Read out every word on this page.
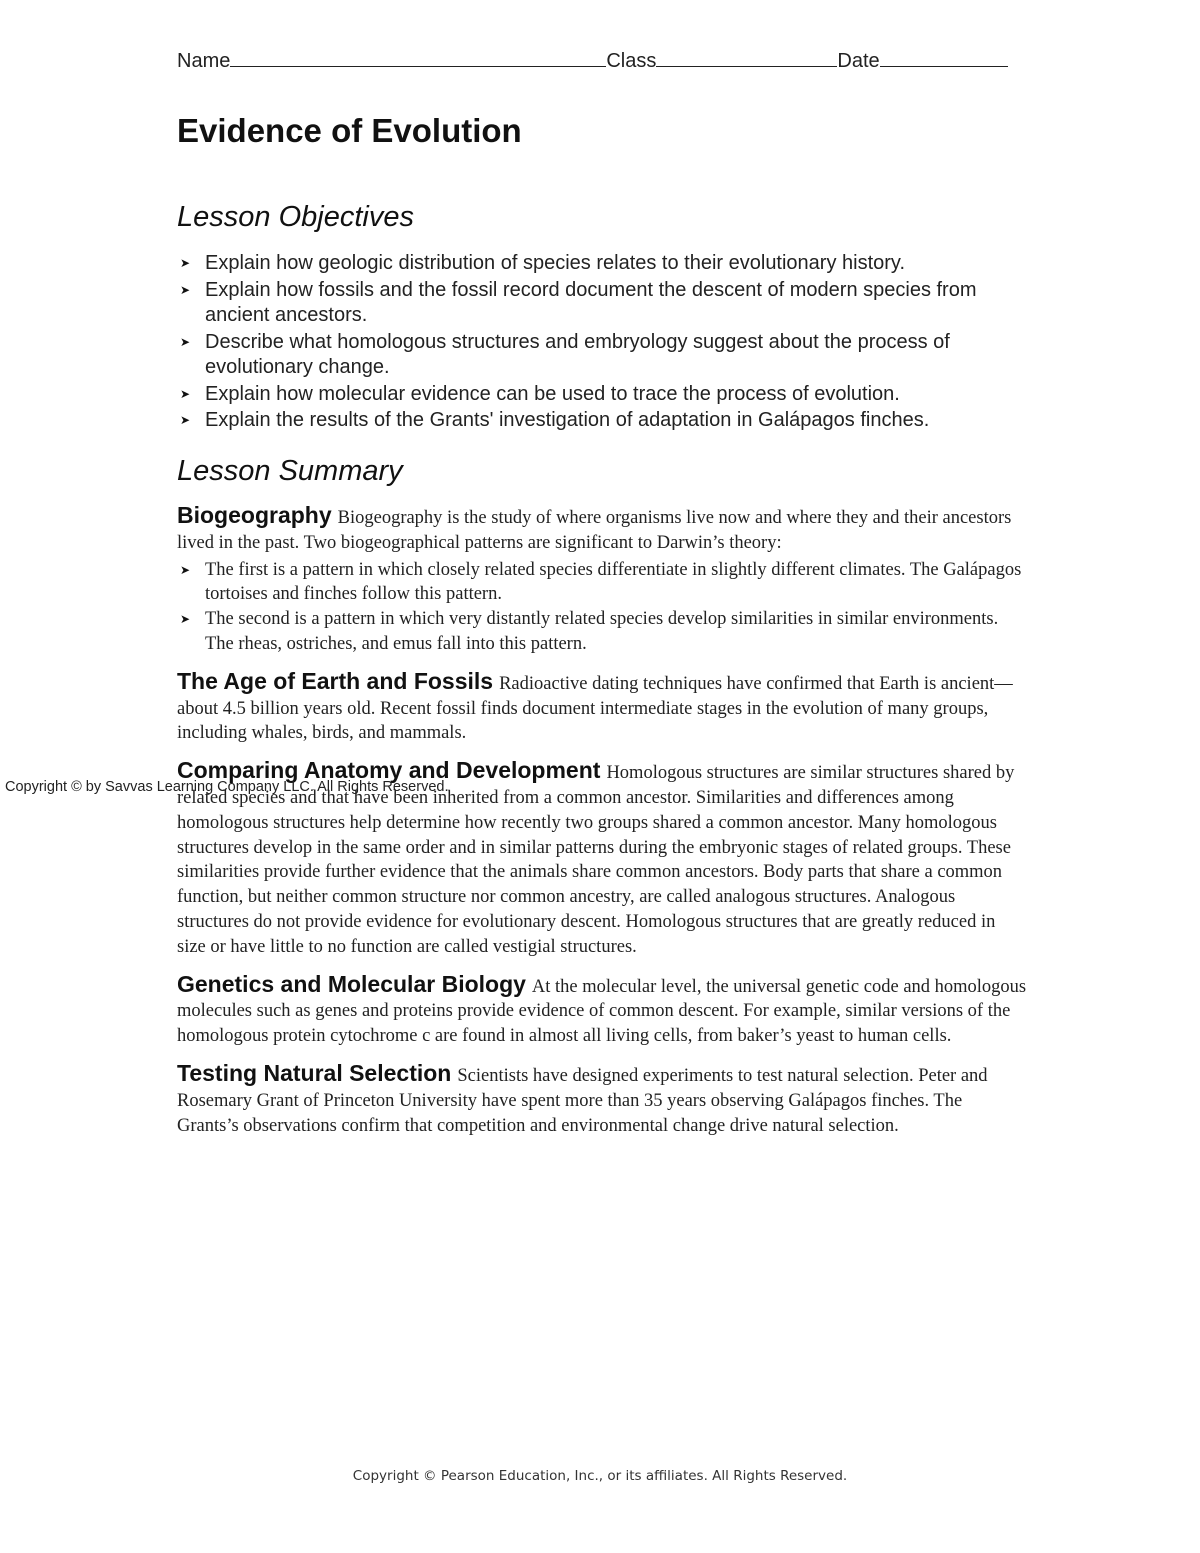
Name	Class	Date
Evidence of Evolution
Lesson Objectives
➤ Explain how geologic distribution of species relates to their evolutionary history.
➤ Explain how fossils and the fossil record document the descent of modern species from ancient ancestors.
➤ Describe what homologous structures and embryology suggest about the process of evolutionary change.
➤ Explain how molecular evidence can be used to trace the process of evolution.
➤ Explain the results of the Grants' investigation of adaptation in Galápagos finches.
Lesson Summary

Biogeography Biogeography is the study of where organisms live now and where they and their ancestors lived in the past. Two biogeographical patterns are significant to Darwin’s theory:

➤ The first is a pattern in which closely related species differentiate in slightly different climates. The Galápagos tortoises and finches follow this pattern.
➤ The second is a pattern in which very distantly related species develop similarities in similar environments. The rheas, ostriches, and emus fall into this pattern.

The Age of Earth and Fossils Radioactive dating techniques have confirmed that Earth is ancient—about 4.5 billion years old. Recent fossil finds document intermediate stages in the evolution of many groups, including whales, birds, and mammals.

Comparing Anatomy and Development Homologous structures are similar structures shared by related species and that have been inherited from a common ancestor. Similarities and differences among homologous structures help determine how recently two groups shared a common ancestor. Many homologous structures develop in the same order and in similar patterns during the embryonic stages of related groups. These similarities provide further evidence that the animals share common ancestors. Body parts that share a common function, but neither common structure nor common ancestry, are called analogous structures. Analogous structures do not provide evidence for evolutionary descent. Homologous structures that are greatly reduced in size or have little to no function are called vestigial structures.

Genetics and Molecular Biology At the molecular level, the universal genetic code and homologous molecules such as genes and proteins provide evidence of common descent. For example, similar versions of the homologous protein cytochrome c are found in almost all living cells, from baker’s yeast to human cells.

Testing Natural Selection Scientists have designed experiments to test natural selection. Peter and Rosemary Grant of Princeton University have spent more than 35 years observing Galápagos finches. The Grants’s observations confirm that competition and environmental change drive natural selection.

Copyright © by Savvas Learning Company LLC. All Rights Reserved.
Copyright © Pearson Education, Inc., or its affiliates. All Rights Reserved.
